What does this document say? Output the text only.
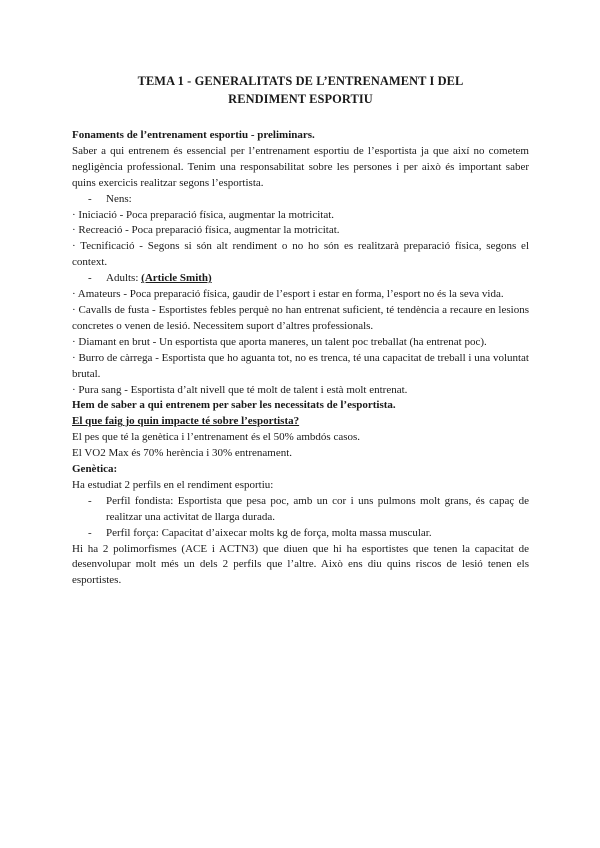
TEMA 1 - GENERALITATS DE L’ENTRENAMENT I DEL
RENDIMENT ESPORTIU

Fonaments de l’entrenament esportiu - preliminars.

Saber a qui entrenem és essencial per l’entrenament esportiu de l’esportista ja que així no cometem negligència professional. Tenim una responsabilitat sobre les persones i per això és important saber quins exercicis realitzar segons l’esportista.

-	Nens:

· Iniciació - Poca preparació física, augmentar la motricitat.

· Recreació - Poca preparació física, augmentar la motricitat.

· Tecnificació - Segons si són alt rendiment o no ho són es realitzarà preparació física, segons el context.

-	Adults: (Article Smith)

· Amateurs - Poca preparació física, gaudir de l’esport i estar en forma, l’esport no és la seva vida.

· Cavalls de fusta - Esportistes febles perquè no han entrenat suficient, té tendència a recaure en lesions concretes o venen de lesió. Necessitem suport d’altres professionals.

· Diamant en brut - Un esportista que aporta maneres, un talent poc treballat (ha entrenat poc).

· Burro de càrrega - Esportista que ho aguanta tot, no es trenca, té una capacitat de treball i una voluntat brutal.

· Pura sang - Esportista d’alt nivell que té molt de talent i està molt entrenat.

Hem de saber a qui entrenem per saber les necessitats de l’esportista.

El que faig jo quin impacte té sobre l’esportista?

El pes que té la genètica i l’entrenament és el 50% ambdós casos.

El VO2 Max és 70% herència i 30% entrenament.

Genètica:

Ha estudiat 2 perfils en el rendiment esportiu:

-	Perfil fondista: Esportista que pesa poc, amb un cor i uns pulmons molt grans, és capaç de realitzar una activitat de llarga durada.
-	Perfil força: Capacitat d’aixecar molts kg de força, molta massa muscular.

Hi ha 2 polimorfismes (ACE i ACTN3) que diuen que hi ha esportistes que tenen la capacitat de desenvolupar molt més un dels 2 perfils que l’altre. Això ens diu quins riscos de lesió tenen els esportistes.
